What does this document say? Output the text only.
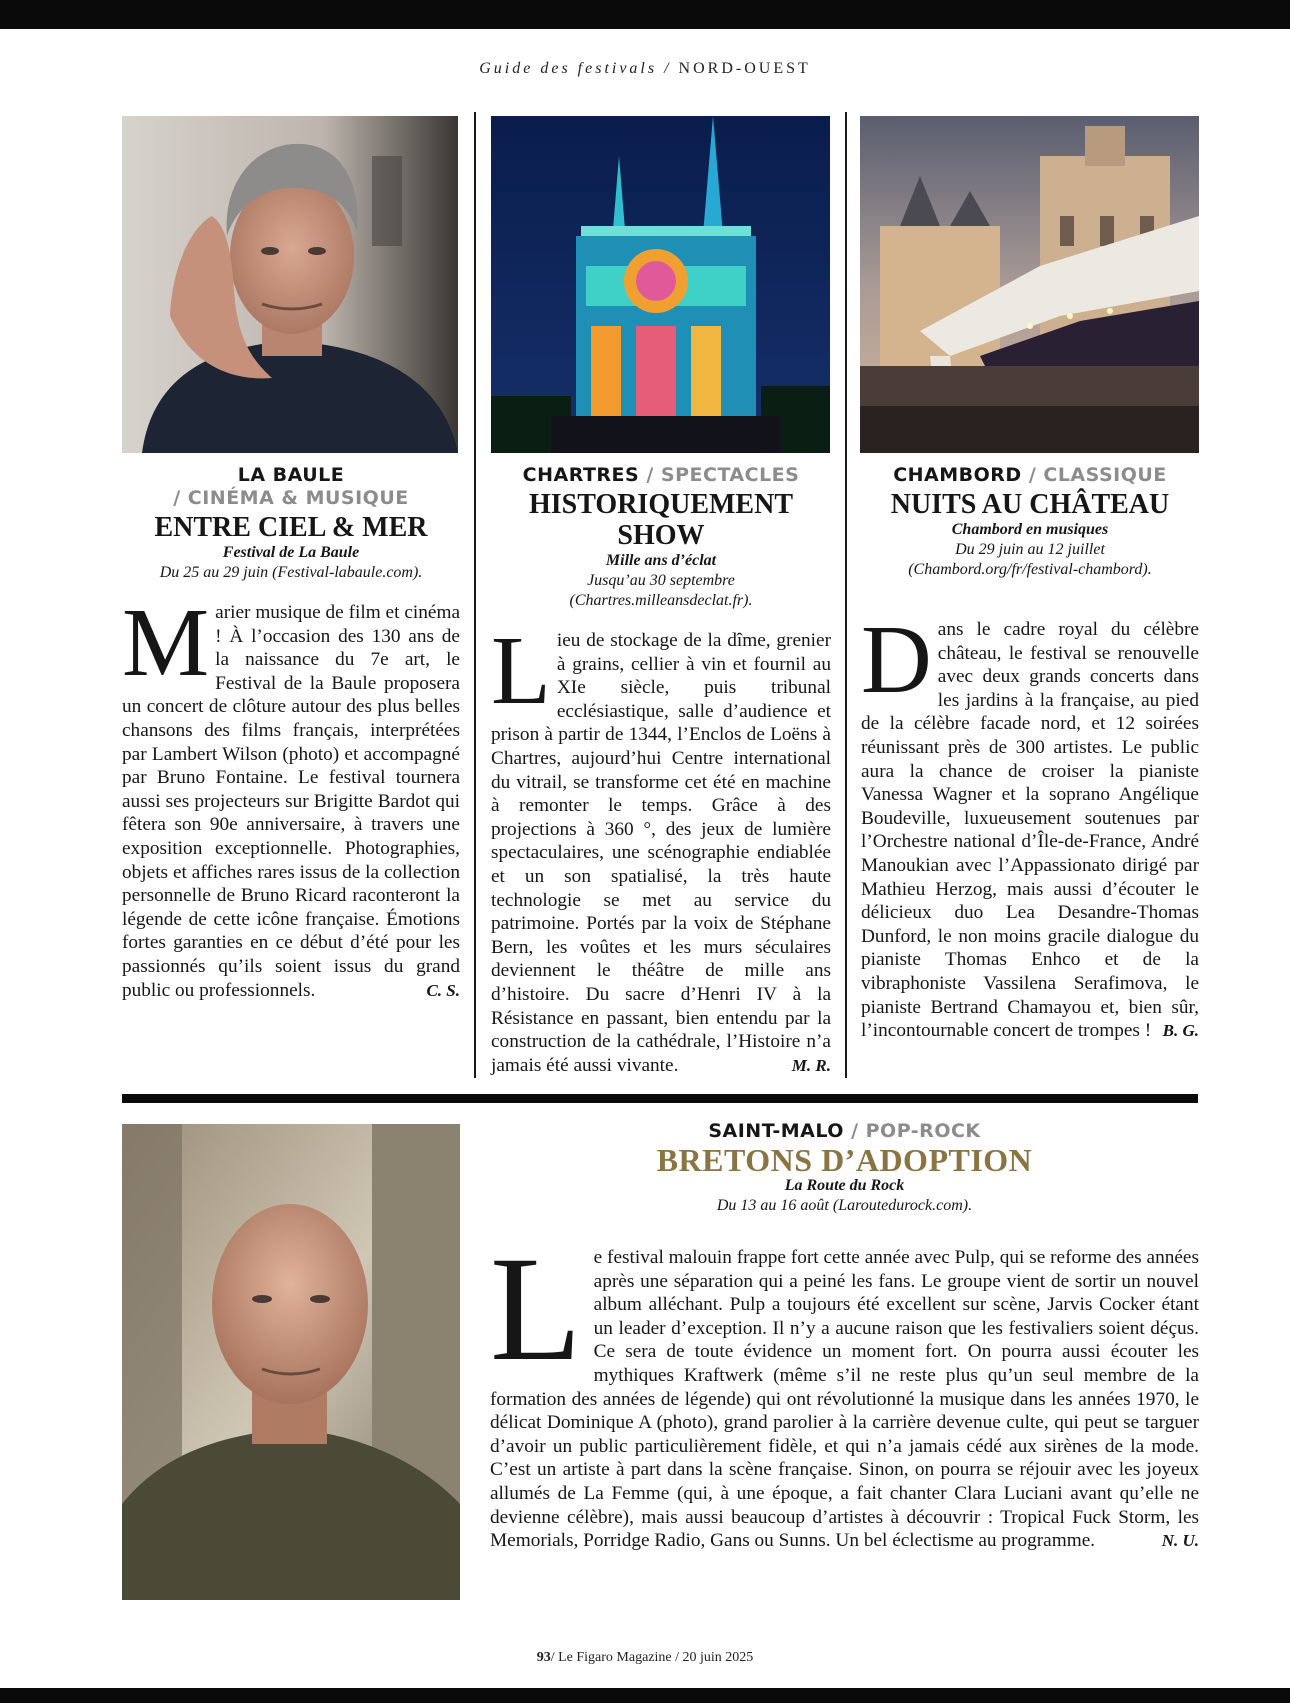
Guide des festivals / NORD-OUEST
LA BAULE
/ CINÉMA & MUSIQUE
ENTRE CIEL & MER
Festival de La Baule
Du 25 au 29 juin (Festival-labaule.com).
M arier musique de film et cinéma ! À l’occasion des 130 ans de la naissance du 7e art, le Festival de la Baule proposera un concert de clôture autour des plus belles chansons des films français, interprétées par Lambert Wilson (photo) et accompagné par Bruno Fontaine. Le festival tournera aussi ses projecteurs sur Brigitte Bardot qui fêtera son 90e anniversaire, à travers une exposition exceptionnelle. Photographies, objets et affiches rares issus de la collection personnelle de Bruno Ricard raconteront la légende de cette icône française. Émotions fortes garanties en ce début d’été pour les passionnés qu’ils soient issus du grand public ou professionnels.	C. S.
CHARTRES / SPECTACLES
HISTORIQUEMENT SHOW
Mille ans d’éclat
Jusqu’au 30 septembre (Chartres.milleansdeclat.fr).
L ieu de stockage de la dîme, grenier à grains, cellier à vin et fournil au XIe siècle, puis tribunal ecclésiastique, salle d’audience et prison à partir de 1344, l’Enclos de Loëns à Chartres, aujourd’hui Centre international du vitrail, se transforme cet été en machine à remonter le temps. Grâce à des projections à 360 °, des jeux de lumière spectaculaires, une scénographie endiablée et un son spatialisé, la très haute technologie se met au service du patrimoine. Portés par la voix de Stéphane Bern, les voûtes et les murs séculaires deviennent le théâtre de mille ans d’histoire. Du sacre d’Henri IV à la Résistance en passant, bien entendu par la construction de la cathédrale, l’Histoire n’a jamais été aussi vivante.	M. R.
CHAMBORD / CLASSIQUE
NUITS AU CHÂTEAU
Chambord en musiques
Du 29 juin au 12 juillet (Chambord.org/fr/festival-chambord).
D ans le cadre royal du célèbre château, le festival se renouvelle avec deux grands concerts dans les jardins à la française, au pied de la célèbre facade nord, et 12 soirées réunissant près de 300 artistes. Le public aura la chance de croiser la pianiste Vanessa Wagner et la soprano Angélique Boudeville, luxueusement soutenues par l’Orchestre national d’Île-de-France, André Manoukian avec l’Appassionato dirigé par Mathieu Herzog, mais aussi d’écouter le délicieux duo Lea Desandre-Thomas Dunford, le non moins gracile dialogue du pianiste Thomas Enhco et de la vibraphoniste Vassilena Serafimova, le pianiste Bertrand Chamayou et, bien sûr, l’incontournable concert de trompes ! B. G.
SAINT-MALO / POP-ROCK
BRETONS D’ADOPTION
La Route du Rock
Du 13 au 16 août (Laroutedurock.com).
L e festival malouin frappe fort cette année avec Pulp, qui se reforme des années après une séparation qui a peiné les fans. Le groupe vient de sortir un nouvel album alléchant. Pulp a toujours été excellent sur scène, Jarvis Cocker étant un leader d’exception. Il n’y a aucune raison que les festivaliers soient déçus. Ce sera de toute évidence un moment fort. On pourra aussi écouter les mythiques Kraftwerk (même s’il ne reste plus qu’un seul membre de la formation des années de légende) qui ont révolutionné la musique dans les années 1970, le délicat Dominique A (photo), grand parolier à la carrière devenue culte, qui peut se targuer d’avoir un public particulièrement fidèle, et qui n’a jamais cédé aux sirènes de la mode. C’est un artiste à part dans la scène française. Sinon, on pourra se réjouir avec les joyeux allumés de La Femme (qui, à une époque, a fait chanter Clara Luciani avant qu’elle ne devienne célèbre), mais aussi beaucoup d’artistes à découvrir : Tropical Fuck Storm, les Memorials, Porridge Radio, Gans ou Sunns. Un bel éclectisme au programme.	N. U.
93/ Le Figaro Magazine / 20 juin 2025
